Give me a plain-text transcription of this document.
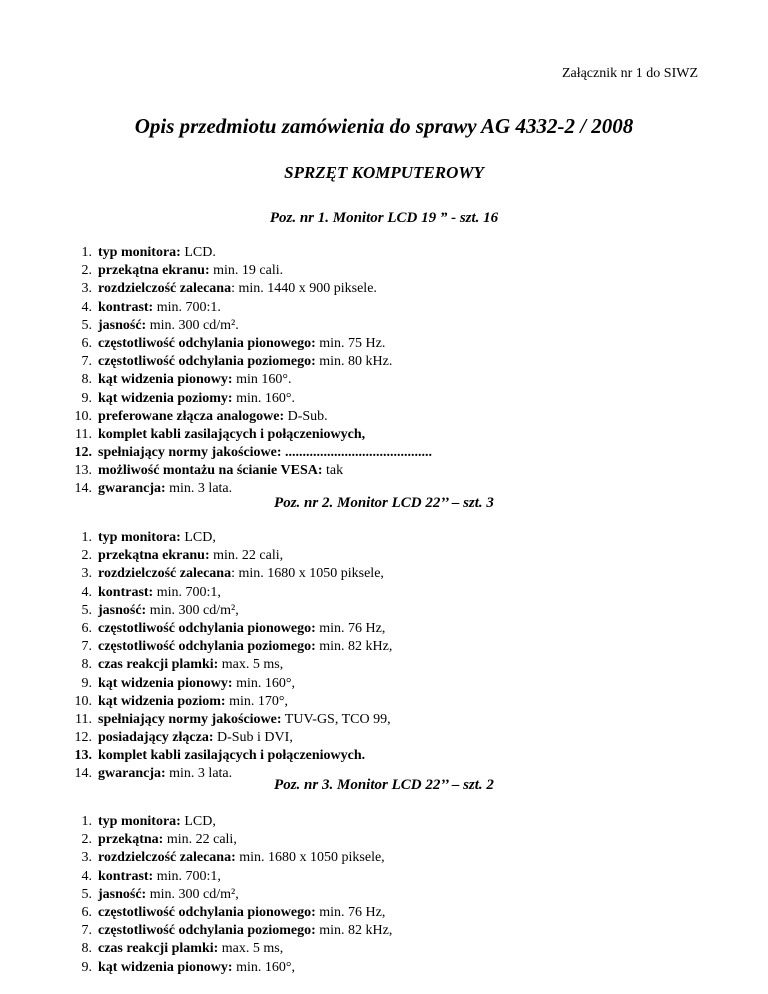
Załącznik nr 1 do SIWZ
Opis przedmiotu zamówienia do sprawy AG 4332-2 / 2008
SPRZĘT KOMPUTEROWY
Poz. nr 1. Monitor LCD 19 ” - szt. 16
1. typ monitora: LCD.
2. przekątna ekranu: min. 19 cali.
3. rozdzielczość zalecana: min. 1440 x 900 piksele.
4. kontrast: min. 700:1.
5. jasność: min. 300 cd/m².
6. częstotliwość odchylania pionowego: min. 75 Hz.
7. częstotliwość odchylania poziomego: min. 80 kHz.
8. kąt widzenia pionowy: min 160°.
9. kąt widzenia poziomy: min. 160°.
10. preferowane złącza analogowe: D-Sub.
11. komplet kabli zasilających i połączeniowych,
12. spełniający normy jakościowe: ..........................................
13. możliwość montażu na ścianie VESA: tak
14. gwarancja: min. 3 lata.
Poz. nr 2. Monitor LCD 22’’ – szt. 3
1. typ monitora: LCD,
2. przekątna ekranu: min. 22 cali,
3. rozdzielczość zalecana: min. 1680 x 1050 piksele,
4. kontrast: min. 700:1,
5. jasność: min. 300 cd/m²,
6. częstotliwość odchylania pionowego: min. 76 Hz,
7. częstotliwość odchylania poziomego: min. 82 kHz,
8. czas reakcji plamki: max. 5 ms,
9. kąt widzenia pionowy: min. 160°,
10. kąt widzenia poziom: min. 170°,
11. spełniający normy jakościowe: TUV-GS, TCO 99,
12. posiadający złącza: D-Sub i DVI,
13. komplet kabli zasilających i połączeniowych.
14. gwarancja: min. 3 lata.
Poz. nr 3. Monitor LCD 22’’ – szt. 2
1. typ monitora: LCD,
2. przekątna: min. 22 cali,
3. rozdzielczość zalecana: min. 1680 x 1050 piksele,
4. kontrast: min. 700:1,
5. jasność: min. 300 cd/m²,
6. częstotliwość odchylania pionowego: min. 76 Hz,
7. częstotliwość odchylania poziomego: min. 82 kHz,
8. czas reakcji plamki: max. 5 ms,
9. kąt widzenia pionowy: min. 160°,
